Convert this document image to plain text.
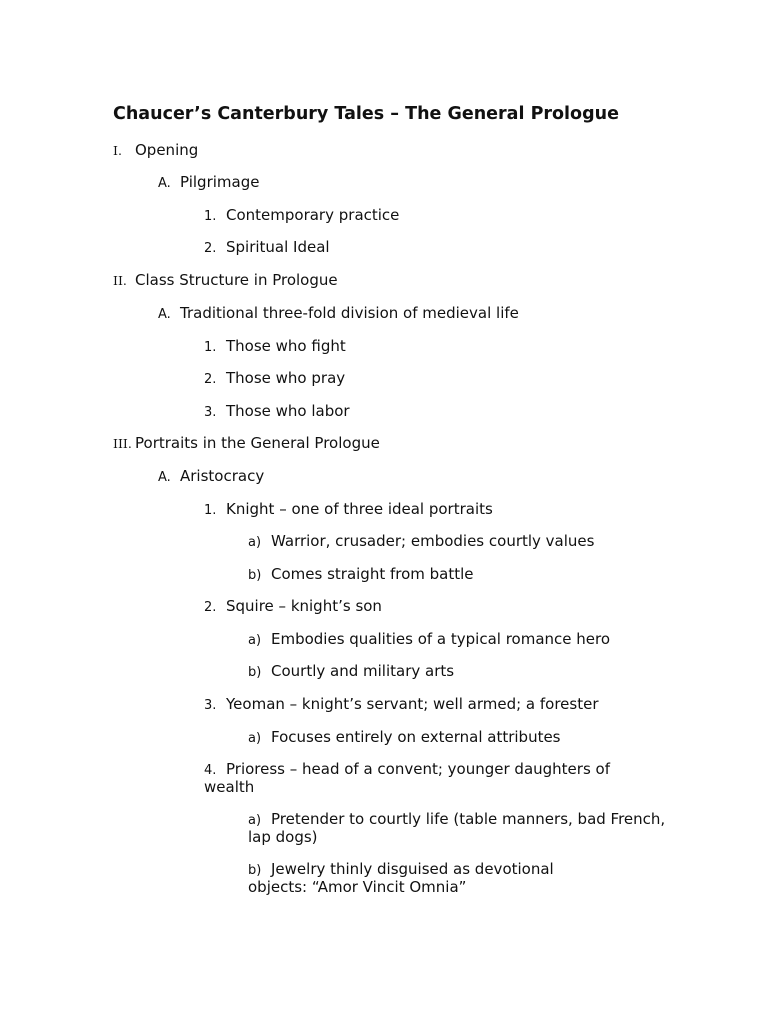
Chaucer’s Canterbury Tales – The General Prologue
I. Opening
A. Pilgrimage
1. Contemporary practice
2. Spiritual Ideal
II. Class Structure in Prologue
A. Traditional three-fold division of medieval life
1. Those who fight
2. Those who pray
3. Those who labor
III. Portraits in the General Prologue
A. Aristocracy
1. Knight – one of three ideal portraits
a) Warrior, crusader; embodies courtly values
b) Comes straight from battle
2. Squire – knight’s son
a) Embodies qualities of a typical romance hero
b) Courtly and military arts
3. Yeoman – knight’s servant; well armed; a forester
a) Focuses entirely on external attributes
4. Prioress – head of a convent; younger daughters of wealth
a) Pretender to courtly life (table manners, bad French, lap dogs)
b) Jewelry thinly disguised as devotional objects: “Amor Vincit Omnia”
